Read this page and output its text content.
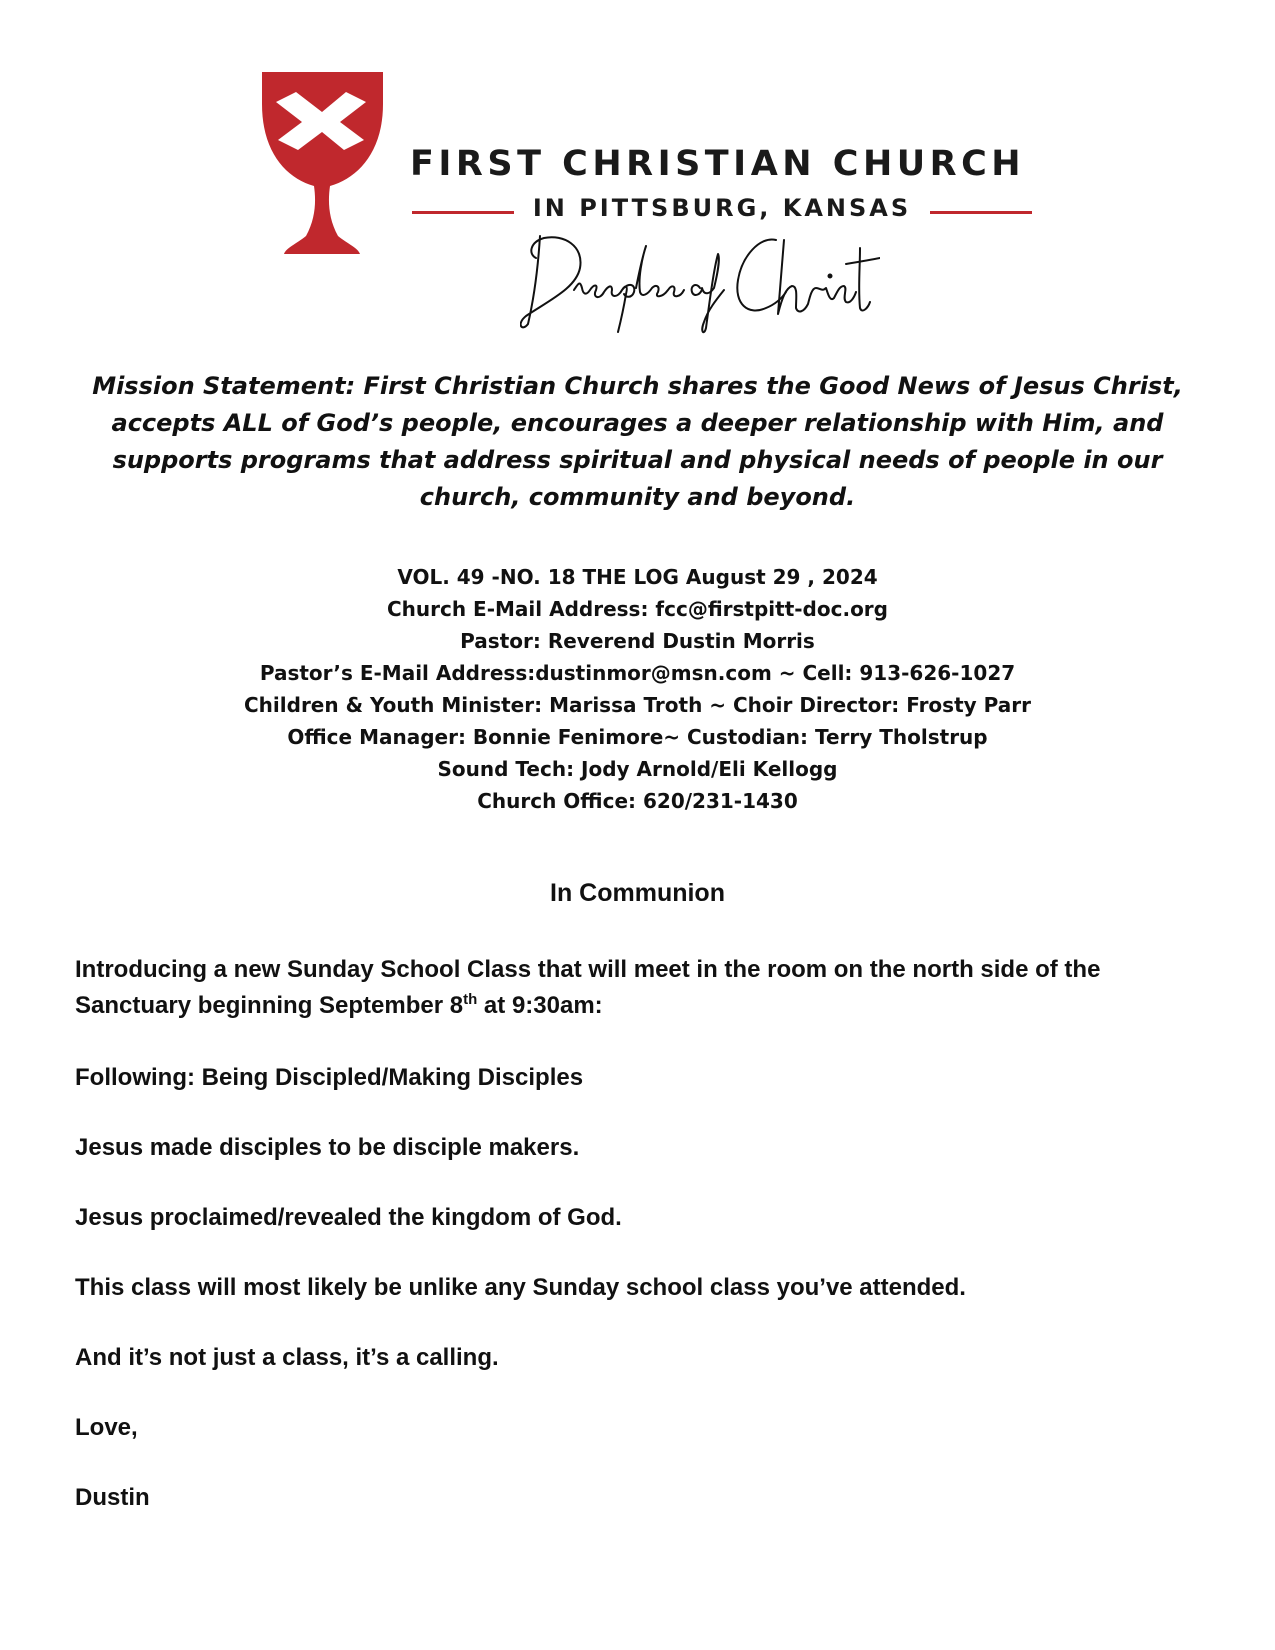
FIRST CHRISTIAN CHURCH
IN PITTSBURG, KANSAS
Mission Statement: First Christian Church shares the Good News of Jesus Christ, accepts ALL of God’s people, encourages a deeper relationship with Him, and supports programs that address spiritual and physical needs of people in our church, community and beyond.
VOL. 49 -NO. 18 THE LOG August 29 , 2024
Church E-Mail Address: fcc@firstpitt-doc.org
Pastor: Reverend Dustin Morris
Pastor’s E-Mail Address:dustinmor@msn.com ~ Cell: 913-626-1027
Children & Youth Minister: Marissa Troth ~ Choir Director: Frosty Parr
Office Manager: Bonnie Fenimore~ Custodian: Terry Tholstrup
Sound Tech: Jody Arnold/Eli Kellogg
Church Office: 620/231-1430
In Communion

Introducing a new Sunday School Class that will meet in the room on the north side of the Sanctuary beginning September 8th at 9:30am:

Following: Being Discipled/Making Disciples

Jesus made disciples to be disciple makers.

Jesus proclaimed/revealed the kingdom of God.

This class will most likely be unlike any Sunday school class you’ve attended.

And it’s not just a class, it’s a calling.

Love,

Dustin
